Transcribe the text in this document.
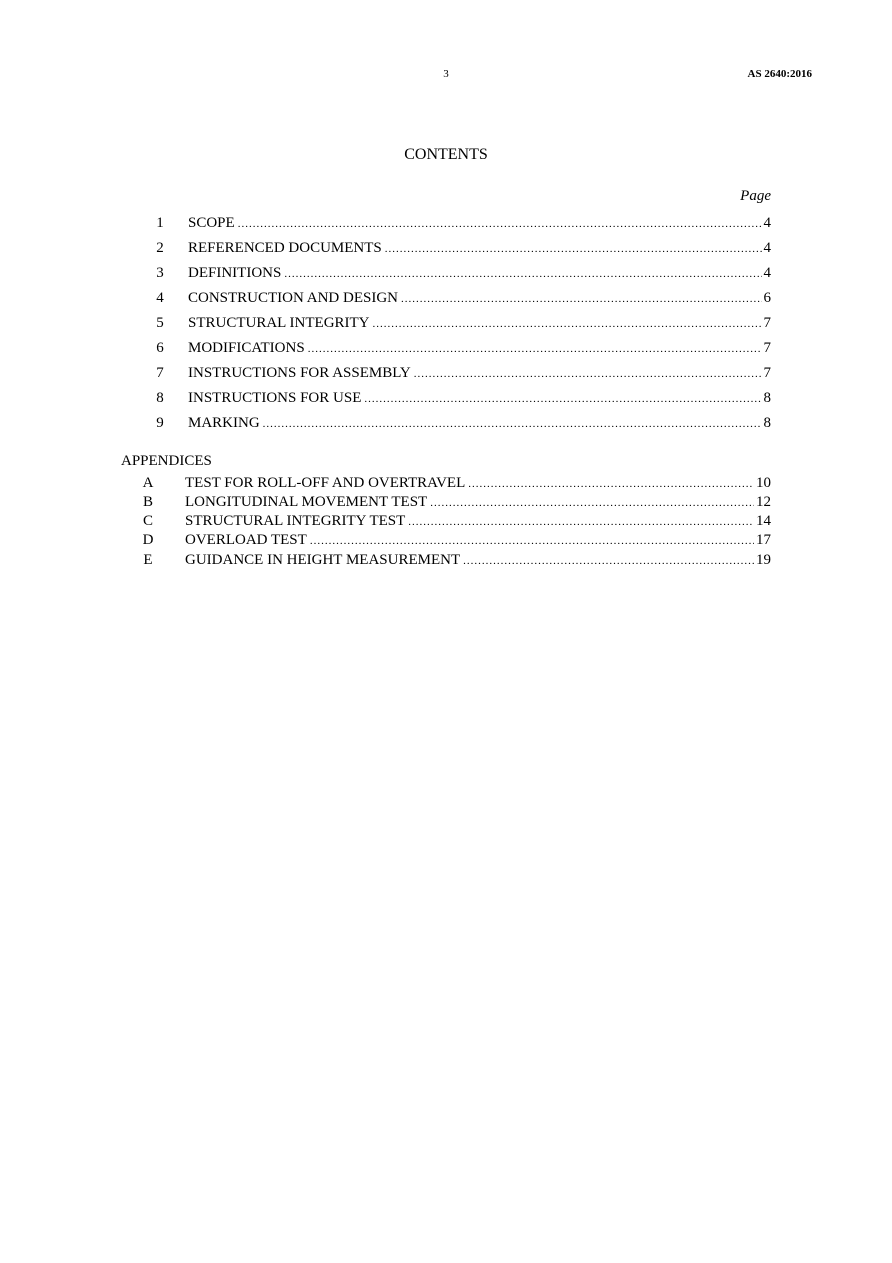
3	AS 2640:2016
CONTENTS
Page
1	SCOPE .....	4
2	REFERENCED DOCUMENTS .....	4
3	DEFINITIONS .....	4
4	CONSTRUCTION AND DESIGN .....	6
5	STRUCTURAL INTEGRITY .....	7
6	MODIFICATIONS .....	7
7	INSTRUCTIONS FOR ASSEMBLY .....	7
8	INSTRUCTIONS FOR USE .....	8
9	MARKING .....	8
APPENDICES
A	TEST FOR ROLL-OFF AND OVERTRAVEL .....	10
B	LONGITUDINAL MOVEMENT TEST .....	12
C	STRUCTURAL INTEGRITY TEST .....	14
D	OVERLOAD TEST .....	17
E	GUIDANCE IN HEIGHT MEASUREMENT .....	19
